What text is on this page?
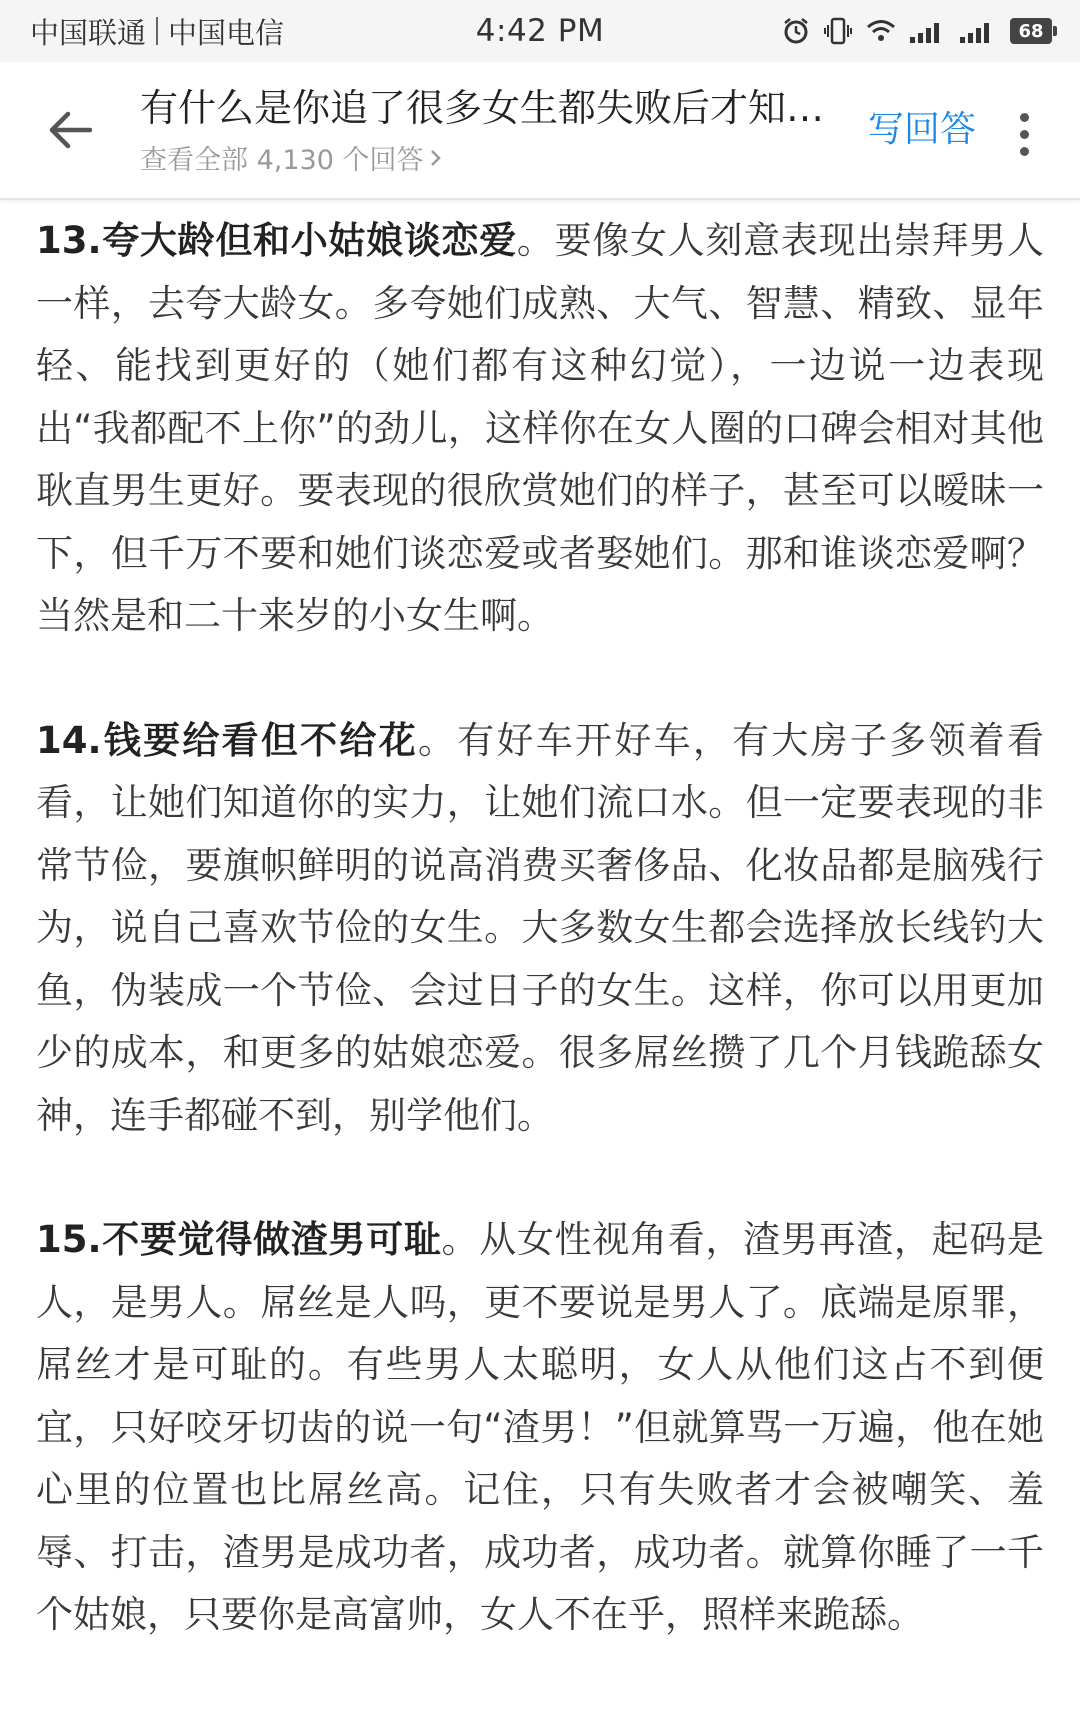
中国联通 中国电信	4:42 PM	68
有什么是你追了很多女生都失败后才知…
查看全部 4,130 个回答
写回答

13.夸大龄但和小姑娘谈恋爱。要像女人刻意表现出崇拜男人一样，去夸大龄女。多夸她们成熟、大气、智慧、精致、显年轻、能找到更好的（她们都有这种幻觉），一边说一边表现出“我都配不上你”的劲儿，这样你在女人圈的口碑会相对其他耿直男生更好。要表现的很欣赏她们的样子，甚至可以暧昧一下，但千万不要和她们谈恋爱或者娶她们。那和谁谈恋爱啊？当然是和二十来岁的小女生啊。

14.钱要给看但不给花。有好车开好车，有大房子多领着看看，让她们知道你的实力，让她们流口水。但一定要表现的非常节俭，要旗帜鲜明的说高消费买奢侈品、化妆品都是脑残行为，说自己喜欢节俭的女生。大多数女生都会选择放长线钓大鱼，伪装成一个节俭、会过日子的女生。这样，你可以用更加少的成本，和更多的姑娘恋爱。很多屌丝攒了几个月钱跪舔女神，连手都碰不到，别学他们。

15.不要觉得做渣男可耻。从女性视角看，渣男再渣，起码是人，是男人。屌丝是人吗，更不要说是男人了。底端是原罪，屌丝才是可耻的。有些男人太聪明，女人从他们这占不到便宜，只好咬牙切齿的说一句“渣男！”但就算骂一万遍，他在她心里的位置也比屌丝高。记住，只有失败者才会被嘲笑、羞辱、打击，渣男是成功者，成功者，成功者。就算你睡了一千个姑娘，只要你是高富帅，女人不在乎，照样来跪舔。
